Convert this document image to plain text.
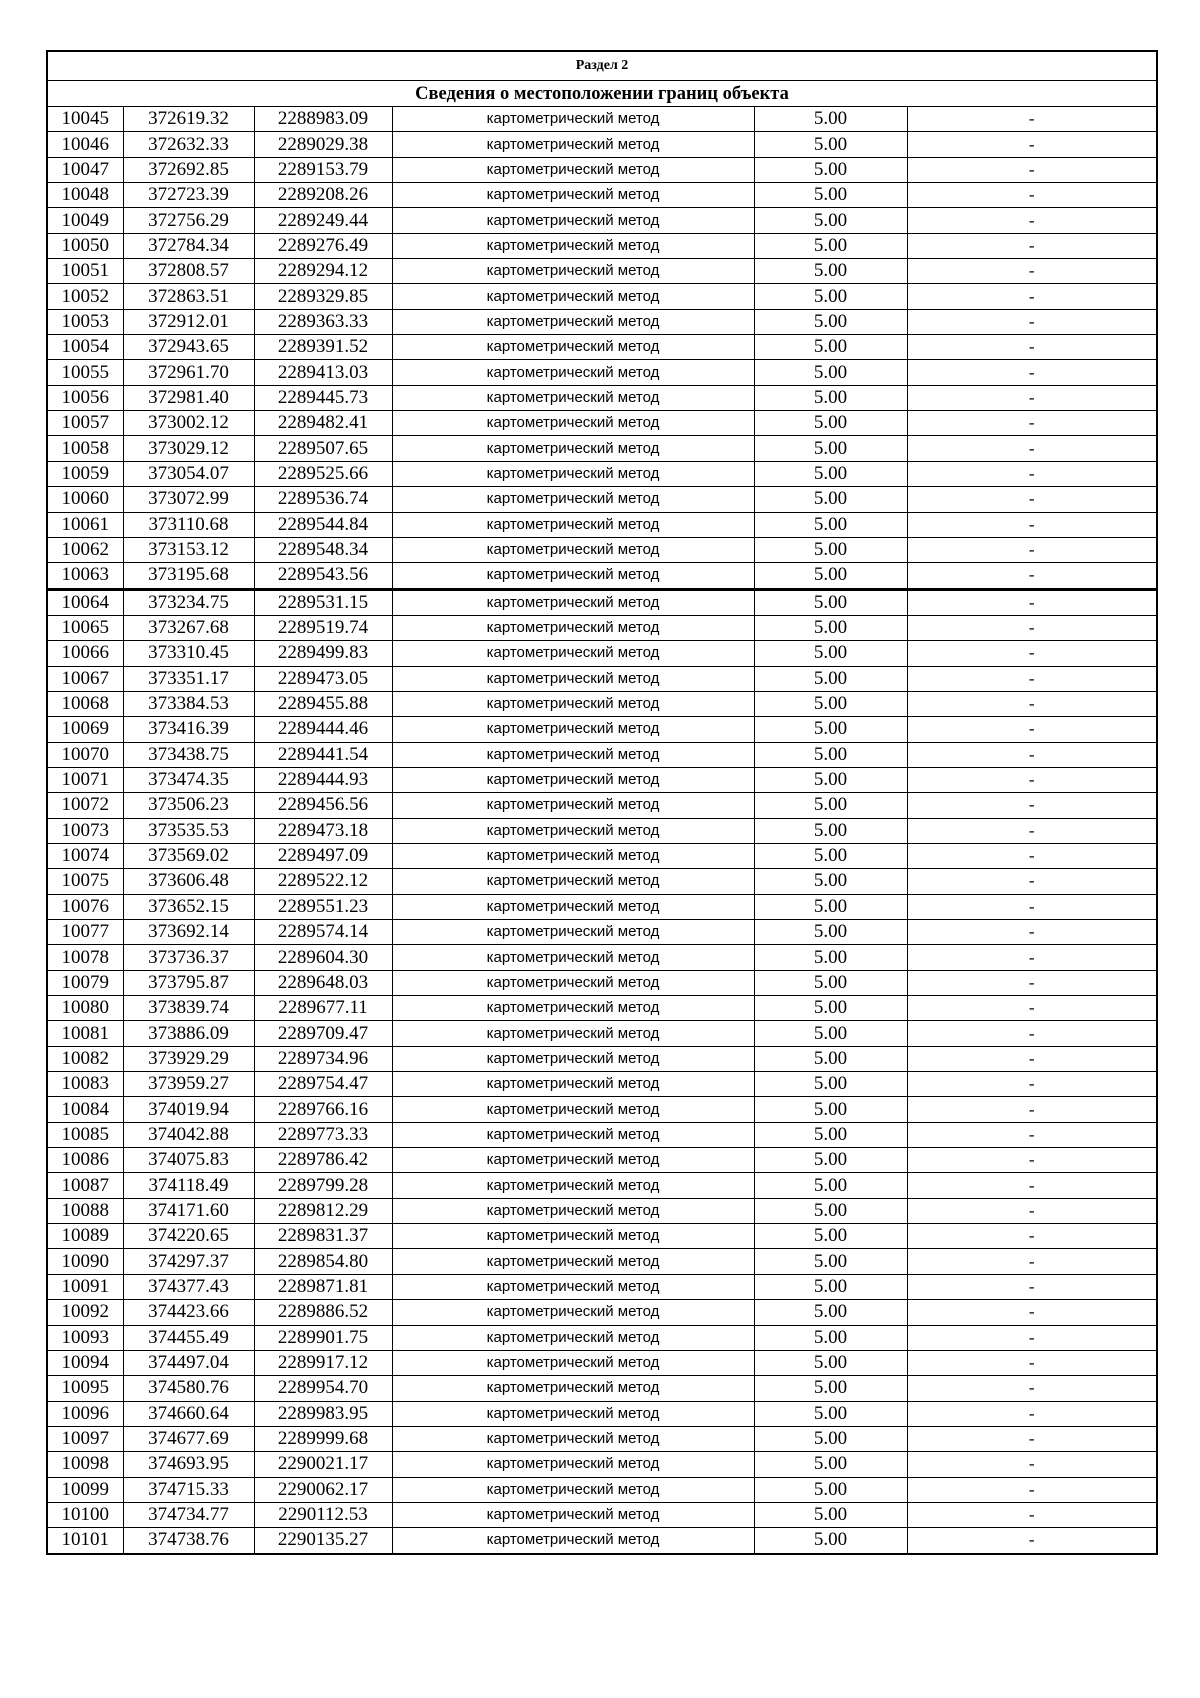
Раздел 2					
Сведения о местоположении границ объекта					
10045	372619.32	2288983.09	картометрический метод	5.00	-
10046	372632.33	2289029.38	картометрический метод	5.00	-
10047	372692.85	2289153.79	картометрический метод	5.00	-
10048	372723.39	2289208.26	картометрический метод	5.00	-
10049	372756.29	2289249.44	картометрический метод	5.00	-
10050	372784.34	2289276.49	картометрический метод	5.00	-
10051	372808.57	2289294.12	картометрический метод	5.00	-
10052	372863.51	2289329.85	картометрический метод	5.00	-
10053	372912.01	2289363.33	картометрический метод	5.00	-
10054	372943.65	2289391.52	картометрический метод	5.00	-
10055	372961.70	2289413.03	картометрический метод	5.00	-
10056	372981.40	2289445.73	картометрический метод	5.00	-
10057	373002.12	2289482.41	картометрический метод	5.00	-
10058	373029.12	2289507.65	картометрический метод	5.00	-
10059	373054.07	2289525.66	картометрический метод	5.00	-
10060	373072.99	2289536.74	картометрический метод	5.00	-
10061	373110.68	2289544.84	картометрический метод	5.00	-
10062	373153.12	2289548.34	картометрический метод	5.00	-
10063	373195.68	2289543.56	картометрический метод	5.00	-
10064	373234.75	2289531.15	картометрический метод	5.00	-
10065	373267.68	2289519.74	картометрический метод	5.00	-
10066	373310.45	2289499.83	картометрический метод	5.00	-
10067	373351.17	2289473.05	картометрический метод	5.00	-
10068	373384.53	2289455.88	картометрический метод	5.00	-
10069	373416.39	2289444.46	картометрический метод	5.00	-
10070	373438.75	2289441.54	картометрический метод	5.00	-
10071	373474.35	2289444.93	картометрический метод	5.00	-
10072	373506.23	2289456.56	картометрический метод	5.00	-
10073	373535.53	2289473.18	картометрический метод	5.00	-
10074	373569.02	2289497.09	картометрический метод	5.00	-
10075	373606.48	2289522.12	картометрический метод	5.00	-
10076	373652.15	2289551.23	картометрический метод	5.00	-
10077	373692.14	2289574.14	картометрический метод	5.00	-
10078	373736.37	2289604.30	картометрический метод	5.00	-
10079	373795.87	2289648.03	картометрический метод	5.00	-
10080	373839.74	2289677.11	картометрический метод	5.00	-
10081	373886.09	2289709.47	картометрический метод	5.00	-
10082	373929.29	2289734.96	картометрический метод	5.00	-
10083	373959.27	2289754.47	картометрический метод	5.00	-
10084	374019.94	2289766.16	картометрический метод	5.00	-
10085	374042.88	2289773.33	картометрический метод	5.00	-
10086	374075.83	2289786.42	картометрический метод	5.00	-
10087	374118.49	2289799.28	картометрический метод	5.00	-
10088	374171.60	2289812.29	картометрический метод	5.00	-
10089	374220.65	2289831.37	картометрический метод	5.00	-
10090	374297.37	2289854.80	картометрический метод	5.00	-
10091	374377.43	2289871.81	картометрический метод	5.00	-
10092	374423.66	2289886.52	картометрический метод	5.00	-
10093	374455.49	2289901.75	картометрический метод	5.00	-
10094	374497.04	2289917.12	картометрический метод	5.00	-
10095	374580.76	2289954.70	картометрический метод	5.00	-
10096	374660.64	2289983.95	картометрический метод	5.00	-
10097	374677.69	2289999.68	картометрический метод	5.00	-
10098	374693.95	2290021.17	картометрический метод	5.00	-
10099	374715.33	2290062.17	картометрический метод	5.00	-
10100	374734.77	2290112.53	картометрический метод	5.00	-
10101	374738.76	2290135.27	картометрический метод	5.00	-
